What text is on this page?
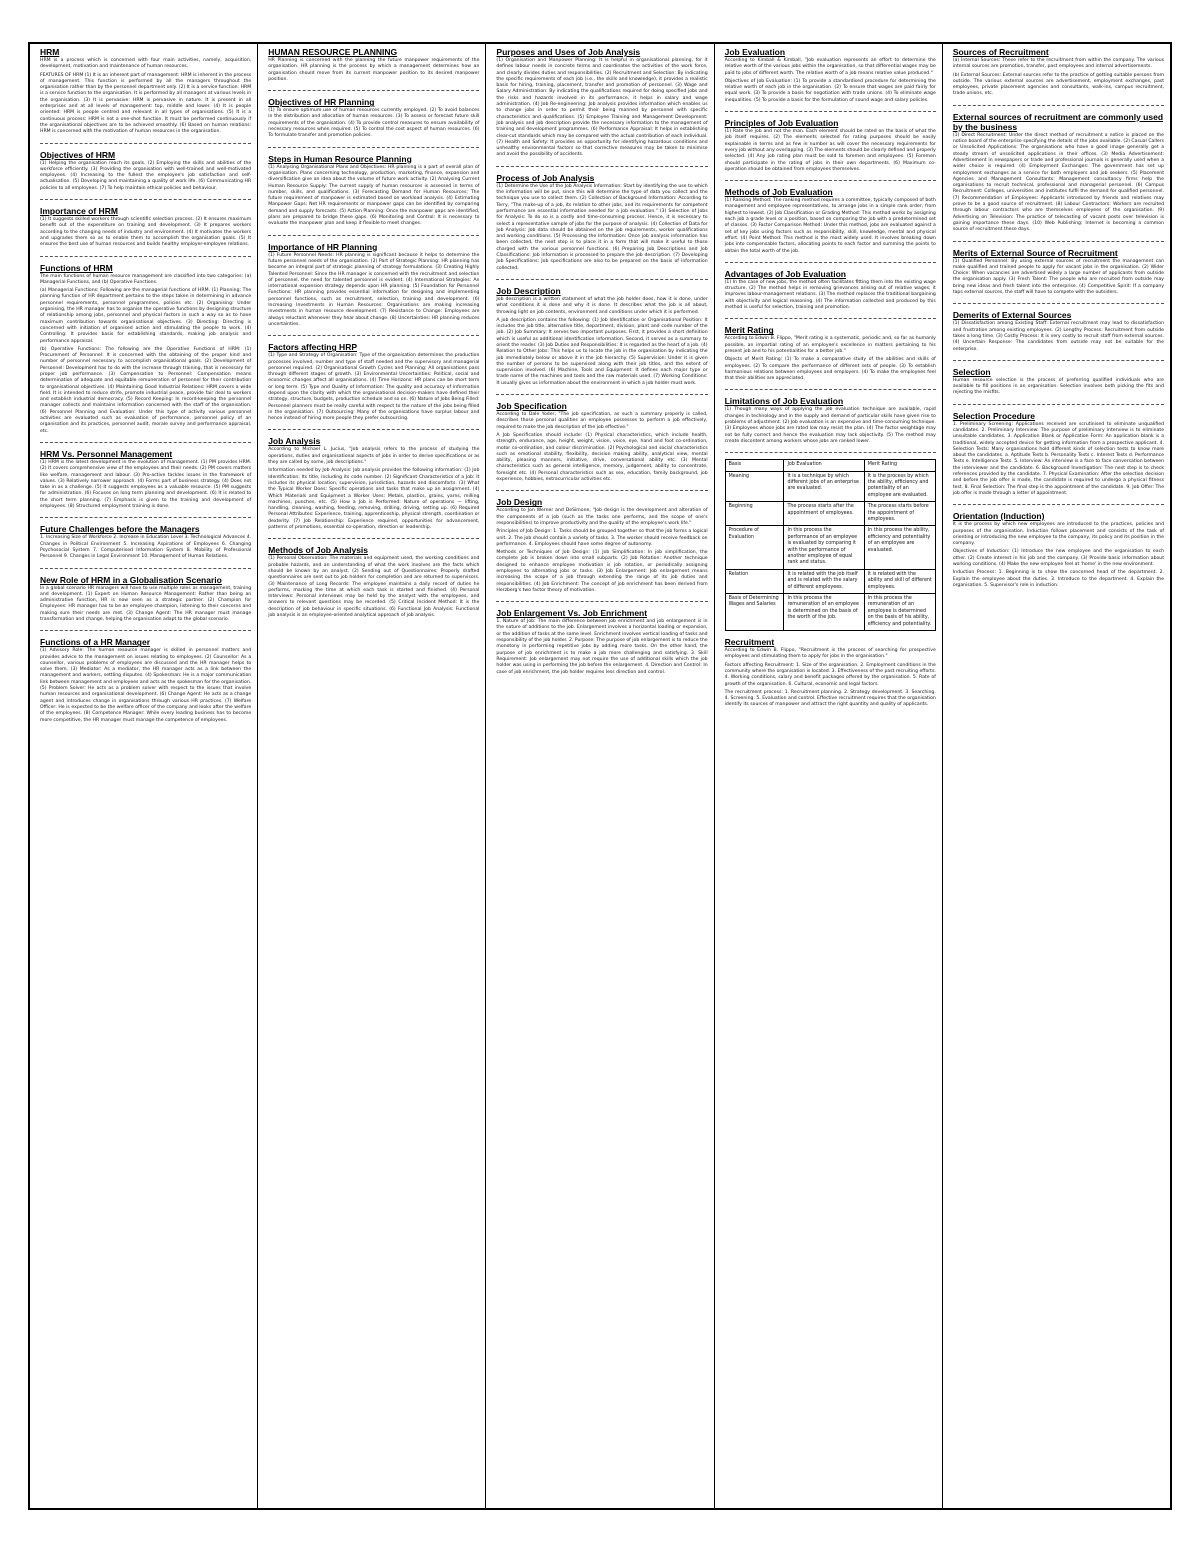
HRM

HRM is a process which is concerned with four main activities, namely, acquisition, development, motivation and maintenance of human resources.

FEATURES OF HRM (1) It is an inherent part of management: HRM is inherent in the process of management. This function is performed by all the managers throughout the organisation rather than by the personnel department only. (2) It is a service function: HRM is a service function to the organisation. It is performed by all managers at various levels in the organisation. (3) It is pervasive: HRM is pervasive in nature. It is present in all enterprises and at all levels of management: top, middle and lower. (4) It is people oriented: HRM is people centred and relevant in all types of organisations. (5) It is a continuous process: HRM is not a one-shot function. It must be performed continuously if the organisational objectives are to be achieved smoothly. (6) Based on human relations: HRM is concerned with the motivation of human resources in the organisation.

Objectives of HRM

(1) Helping the organisation reach its goals. (2) Employing the skills and abilities of the workforce efficiently. (3) Providing the organisation with well-trained and well-motivated employees. (4) Increasing to the fullest the employee's job satisfaction and self-actualisation. (5) Developing and maintaining a quality of work life. (6) Communicating HR policies to all employees. (7) To help maintain ethical policies and behaviour.

Importance of HRM

(1) It suggests skilled workers through scientific selection process. (2) It ensures maximum benefit out of the expenditure on training and development. (3) It prepares workers according to the changing needs of industry and environment. (4) It motivates the workers and upgrades them so as to enable them to accomplish the organisation goals. (5) It ensures the best use of human resources and builds healthy employer-employee relations.

Functions of HRM

The main functions of human resource management are classified into two categories: (a) Managerial Functions, and (b) Operative Functions.

(a) Managerial Functions: Following are the managerial functions of HRM. (1) Planning: The planning function of HR department pertains to the steps taken in determining in advance personnel requirements, personnel programmes, policies etc. (2) Organising: Under organising, the HR manager has to organise the operative functions by designing structure of relationship among jobs, personnel and physical factors in such a way so as to have maximum contribution towards organisational objectives. (3) Directing: Directing is concerned with initiation of organised action and stimulating the people to work. (4) Controlling: It provides basis for establishing standards, making job analysis and performance appraisal.

(b) Operative Functions: The following are the Operative Functions of HRM: (1) Procurement of Personnel: It is concerned with the obtaining of the proper kind and number of personnel necessary to accomplish organisational goals. (2) Development of Personnel: Development has to do with the increase through training, that is necessary for proper job performance. (3) Compensation to Personnel: Compensation means determination of adequate and equitable remuneration of personnel for their contribution to organisational objectives. (4) Maintaining Good Industrial Relations: HRM covers a wide field. It is intended to reduce strife, promote industrial peace, provide fair deal to workers and establish industrial democracy. (5) Record Keeping: In record-keeping the personnel manager collects and maintains information concerned with the staff of the organisation. (6) Personnel Planning and Evaluation: Under this type of activity various personnel activities are evaluated such as evaluation of performance, personnel policy of an organisation and its practices, personnel audit, morale survey and performance appraisal, etc.

HRM Vs. Personnel Management

(1) HRM is the latest development in the evolution of management. (1) PM provides HRM. (2) It covers comprehensive view of the employees and their needs. (2) PM covers matters like welfare, management and labour. (3) Pro-active tackles issues in the framework of values. (3) Relatively narrower approach. (4) Forms part of business strategy. (4) Does not take in as a challenge. (5) It suggests employees as a valuable resource. (5) PM suggests for administration. (6) Focuses on long term planning and development. (6) It is related to the short term planning. (7) Emphasis is given to the training and development of employees. (8) Structured employment training is done.

Future Challenges before the Managers

1. Increasing Size of Workforce 2. Increase in Education Level 3. Technological Advances 4. Changes in Political Environment 5. Increasing Aspirations of Employees 6. Changing Psychosocial System 7. Computerised Information System 8. Mobility of Professional Personnel 9. Changes in Legal Environment 10. Management of Human Relations.

New Role of HRM in a Globalisation Scenario

In a global scenario HR managers will have to use multiple roles as management, training and development. (1) Expert on Human Resource Management: Rather than being an administrative function, HR is now seen as a strategic partner. (2) Champion for Employees: HR manager has to be an employee champion, listening to their concerns and making sure their needs are met. (3) Change Agent: The HR manager must manage transformation and change, helping the organisation adapt to the global scenario.

Functions of a HR Manager

(1) Advisory Role: The human resource manager is skilled in personnel matters and provides advice to the management on issues relating to employees. (2) Counsellor: As a counsellor, various problems of employees are discussed and the HR manager helps to solve them. (3) Mediator: As a mediator, the HR manager acts as a link between the management and workers, settling disputes. (4) Spokesman: He is a major communication link between management and employees and acts as the spokesman for the organisation. (5) Problem Solver: He acts as a problem solver with respect to the issues that involve human resources and organisational development. (6) Change Agent: He acts as a change agent and introduces change in organisations through various HR practices. (7) Welfare Officer: He is expected to be the welfare officer of the company and looks after the welfare of the employees. (8) Competence Manager: While every leading business has to become more competitive, the HR manager must manage the competence of employees.

HUMAN RESOURCE PLANNING

HR Planning is concerned with the planning the future manpower requirements of the organisation. HR planning is the process by which a management determines how an organisation should move from its current manpower position to its desired manpower position.

Objectives of HR Planning

(1) To ensure optimum use of human resources currently employed. (2) To avoid balances in the distribution and allocation of human resources. (3) To assess or forecast future skill requirements of the organisation. (4) To provide control measures to ensure availability of necessary resources when required. (5) To control the cost aspect of human resources. (6) To formulate transfer and promotion policies.

Steps in Human Resource Planning

(1) Analysing Organisational Plans and Objectives: HR planning is a part of overall plan of organisation. Plans concerning technology, production, marketing, finance, expansion and diversification give an idea about the volume of future work activity. (2) Analysing Current Human Resource Supply: The current supply of human resources is assessed in terms of number, skills, and qualifications. (3) Forecasting Demand for Human Resources: The future requirement of manpower is estimated based on workload analysis. (4) Estimating Manpower Gaps: Net HR requirements or manpower gaps can be identified by comparing demand and supply forecasts. (5) Action Planning: Once the manpower gaps are identified, plans are prepared to bridge these gaps. (6) Monitoring and Control: It is necessary to evaluate the manpower plan and keep it flexible to meet changes.

Importance of HR Planning

(1) Future Personnel Needs: HR planning is significant because it helps to determine the future personnel needs of the organisation. (2) Part of Strategic Planning: HR planning has become an integral part of strategic planning of strategy formulations. (3) Creating Highly Talented Personnel: Since the HR manager is concerned with the recruitment and selection of personnel, the need for talented personnel is evident. (4) International Strategies: An international expansion strategy depends upon HR planning. (5) Foundation for Personnel Functions: HR planning provides essential information for designing and implementing personnel functions, such as recruitment, selection, training and development. (6) Increasing Investments in Human Resources: Organisations are making increasing investments in human resource development. (7) Resistance to Change: Employees are always reluctant whenever they hear about change. (8) Uncertainties: HR planning reduces uncertainties.

Factors affecting HRP

(1) Type and Strategy of Organisation: Type of the organisation determines the production processes involved, number and type of staff needed and the supervisory and managerial personnel required. (2) Organisational Growth Cycles and Planning: All organisations pass through different stages of growth. (3) Environmental Uncertainties: Political, social and economic changes affect all organisations. (4) Time Horizons: HR plans can be short term or long term. (5) Type and Quality of Information: The quality and accuracy of information depend upon the clarity with which the organisational decision-makers have defined their strategy, structure, budgets, production schedule and so on. (6) Nature of Jobs Being Filled: Personnel planners must be really careful with respect to the nature of the jobs being filled in the organisation. (7) Outsourcing: Many of the organisations have surplus labour and hence instead of hiring more people they prefer outsourcing.

Job Analysis

According to Michael L. Jucius, "Job analysis refers to the process of studying the operations, duties and organisational aspects of jobs in order to derive specifications or as they are called by some, job descriptions."

Information needed by Job Analysis: Job analysis provides the following information: (1) Job Identification: Its title, including its code number. (2) Significant Characteristics of a Job: It includes its physical location, supervision, jurisdiction, hazards and discomforts. (3) What the Typical Worker Does: Specific operations and tasks that make up an assignment. (4) Which Materials and Equipment a Worker Uses: Metals, plastics, grains, yarns, milling machines, punches, etc. (5) How a Job is Performed: Nature of operations — lifting, handling, cleaning, washing, feeding, removing, drilling, driving, setting up. (6) Required Personal Attributes: Experience, training, apprenticeship, physical strength, coordination or dexterity. (7) Job Relationship: Experience required, opportunities for advancement, patterns of promotions, essential co-operation, direction or leadership.

Methods of Job Analysis

(1) Personal Observation: The materials and equipment used, the working conditions and probable hazards, and an understanding of what the work involves are the facts which should be known by an analyst. (2) Sending out of Questionnaires: Properly drafted questionnaires are sent out to job holders for completion and are returned to supervisors. (3) Maintenance of Long Records: The employee maintains a daily record of duties he performs, marking the time at which each task is started and finished. (4) Personal Interviews: Personal interviews may be held by the analyst with the employees, and answers to relevant questions may be recorded. (5) Critical Incident Method: It is the description of job behaviour in specific situations. (6) Functional Job Analysis: Functional job analysis is an employee-oriented analytical approach of job analysis.

Purposes and Uses of Job Analysis

(1) Organisation and Manpower Planning: It is helpful in organisational planning, for it defines labour needs in concrete terms and coordinates the activities of the work force, and clearly divides duties and responsibilities. (2) Recruitment and Selection: By indicating the specific requirements of each job (i.e., the skills and knowledge), it provides a realistic basis for hiring, training, placement, transfer and promotion of personnel. (3) Wage and Salary Administration: By indicating the qualifications required for doing specified jobs and the risks and hazards involved in its performance, it helps in salary and wage administration. (4) Job Re-engineering: Job analysis provides information which enables us to change jobs in order to permit their being manned by personnel with specific characteristics and qualifications. (5) Employee Training and Management Development: Job analysis and job description provide the necessary information to the management of training and development programmes. (6) Performance Appraisal: It helps in establishing clear-cut standards which may be compared with the actual contribution of each individual. (7) Health and Safety: It provides an opportunity for identifying hazardous conditions and unhealthy environmental factors so that corrective measures may be taken to minimise and avoid the possibility of accidents.

Process of Job Analysis

(1) Determine the Use of the Job Analysis Information: Start by identifying the use to which the information will be put, since this will determine the type of data you collect and the technique you use to collect them. (2) Collection of Background Information: According to Terry, "The make-up of a job, its relation to other jobs, and its requirements for competent performance are essential information needed for a job evaluation." (3) Selection of Jobs for Analysis: To do so is a costly and time-consuming process. Hence, it is necessary to select a representative sample of jobs for the purpose of analysis. (4) Collection of Data for Job Analysis: Job data should be obtained on the job requirements, worker qualifications and working conditions. (5) Processing the Information: Once job analysis information has been collected, the next step is to place it in a form that will make it useful to those charged with the various personnel functions. (6) Preparing Job Descriptions and Job Classifications: Job information is processed to prepare the job description. (7) Developing Job Specifications: Job specifications are also to be prepared on the basis of information collected.

Job Description

Job description is a written statement of what the job holder does, how it is done, under what conditions it is done and why it is done. It describes what the job is all about, throwing light on job contents, environment and conditions under which it is performed.

A job description contains the following: (1) Job Identification or Organisational Position: It includes the job title, alternative title, department, division, plant and code number of the job. (2) Job Summary: It serves two important purposes. First, it provides a short definition which is useful as additional identification information. Second, it serves as a summary to orient the reader. (3) Job Duties and Responsibilities: It is regarded as the heart of a job. (4) Relation to Other Jobs: This helps us to locate the job in the organisation by indicating the job immediately below or above it in the job hierarchy. (5) Supervision: Under it is given the number of persons to be supervised along with their job titles, and the extent of supervision involved. (6) Machine, Tools and Equipment: It defines each major type or trade name of the machines and tools and the raw materials used. (7) Working Conditions: It usually gives us information about the environment in which a job holder must work.

Job Specification

According to Dale Yoder, "The job specification, as such a summary properly is called, describes those personal qualities an employee possesses to perform a job effectively, required to make the job description of the job effective."

A Job Specification should include: (1) Physical characteristics, which include health, strength, endurance, age, height, weight, vision, voice, eye, hand and foot co-ordination, motor co-ordination, and colour discrimination. (2) Psychological and social characteristics such as emotional stability, flexibility, decision making ability, analytical view, mental ability, pleasing manners, initiative, drive, conversational ability etc. (3) Mental characteristics such as general intelligence, memory, judgement, ability to concentrate, foresight etc. (4) Personal characteristics such as sex, education, family background, job experience, hobbies, extracurricular activities etc.

Job Design

According to Jon Werner and DeSimone, "Job design is the development and alteration of the components of a job (such as the tasks one performs, and the scope of one's responsibilities) to improve productivity and the quality of the employee's work life."

Principles of Job Design: 1. Tasks should be grouped together so that the job forms a logical unit. 2. The job should contain a variety of tasks. 3. The worker should receive feedback on performance. 4. Employees should have some degree of autonomy.

Methods or Techniques of Job Design: (1) Job Simplification: In job simplification, the complete job is broken down into small subparts. (2) Job Rotation: Another technique designed to enhance employee motivation is job rotation, or periodically assigning employees to alternating jobs or tasks. (3) Job Enlargement: Job enlargement means increasing the scope of a job through extending the range of its job duties and responsibilities. (4) Job Enrichment: The concept of job enrichment has been derived from Herzberg's two factor theory of motivation.

Job Enlargement Vs. Job Enrichment

1. Nature of Job: The main difference between job enrichment and job enlargement is in the nature of additions to the job. Enlargement involves a horizontal loading or expansion, or the addition of tasks at the same level. Enrichment involves vertical loading of tasks and responsibility of the job holder. 2. Purpose: The purpose of job enlargement is to reduce the monotony in performing repetitive jobs by adding more tasks. On the other hand, the purpose of job enrichment is to make a job more challenging and satisfying. 3. Skill Requirement: Job enlargement may not require the use of additional skills which the job holder was using in performing the job before the enlargement. 4. Direction and Control: In case of job enrichment, the job holder requires less direction and control.

Job Evaluation

According to Kimball & Kimball, "Job evaluation represents an effort to determine the relative worth of the various jobs within the organisation, so that differential wages may be paid to jobs of different worth. The relative worth of a job means relative value produced."

Objectives of Job Evaluation: (1) To provide a standardised procedure for determining the relative worth of each job in the organisation. (2) To ensure that wages are paid fairly for equal work. (3) To provide a basis for negotiation with trade unions. (4) To eliminate wage inequalities. (5) To provide a basis for the formulation of sound wage and salary policies.

Principles of Job Evaluation

(1) Rate the job and not the man. Each element should be rated on the basis of what the job itself requires. (2) The elements selected for rating purposes should be easily explainable in terms and as few in number as will cover the necessary requirements for every job without any overlapping. (3) The elements should be clearly defined and properly selected. (4) Any job rating plan must be sold to foremen and employees. (5) Foremen should participate in the rating of jobs in their own departments. (6) Maximum co-operation should be obtained from employees themselves.

Methods of Job Evaluation

(1) Ranking Method: The ranking method requires a committee, typically composed of both management and employee representatives, to arrange jobs in a simple rank order, from highest to lowest. (2) Job Classification or Grading Method: This method works by assigning each job a grade level or a position, based on comparing the job with a predetermined set of classes. (3) Factor Comparison Method: Under this method, jobs are evaluated against a set of key jobs using factors such as responsibility, skill, knowledge, mental and physical effort. (4) Point Method: This method is the most widely used. It involves breaking down jobs into compensable factors, allocating points to each factor and summing the points to obtain the total worth of the job.

Advantages of Job Evaluation

(1) In the case of new jobs, the method often facilitates fitting them into the existing wage structure. (2) The method helps in removing grievances arising out of relative wages; it improves labour-management relations. (3) The method replaces the traditional bargaining with objectivity and logical reasoning. (4) The information collected and produced by this method is useful for selection, training and promotion.

Merit Rating

According to Edwin B. Flippo, "Merit rating is a systematic, periodic and, so far as humanly possible, an impartial rating of an employee's excellence in matters pertaining to his present job and to his potentialities for a better job."

Objects of Merit Rating: (1) To make a comparative study of the abilities and skills of employees. (2) To compare the performance of different sets of people. (3) To establish harmonious relations between employees and employers. (4) To make the employees feel that their abilities are appreciated.

Limitations of Job Evaluation

(1) Though many ways of applying the job evaluation technique are available, rapid changes in technology and in the supply and demand of particular skills have given rise to problems of adjustment. (2) Job evaluation is an expensive and time-consuming technique. (3) Employees whose jobs are rated low may resist the plan. (4) The factor weightage may not be fully correct and hence the evaluation may lack objectivity. (5) The method may create discontent among workers whose jobs are ranked lower.

Basis	Job Evaluation	Merit Rating
Meaning	It is a technique by which different jobs of an enterprise are evaluated.	It is the process by which the ability, efficiency and potentiality of an employee are evaluated.
Beginning	The process starts after the appointment of employees.	The process starts before the appointment of employees.
Procedure of Evaluation	In this process the performance of an employee is evaluated by comparing it with the performance of another employee of equal rank and status.	In this process the ability, efficiency and potentiality of an employee are evaluated.
Relation	It is related with the job itself and is related with the salary of different employees.	It is related with the ability and skill of different employees.
Basis of Determining Wages and Salaries	In this process the remuneration of an employee is determined on the basis of the worth of the job.	In this process the remuneration of an employee is determined on the basis of his ability, efficiency and potentiality.
Recruitment

According to Edwin B. Flippo, "Recruitment is the process of searching for prospective employees and stimulating them to apply for jobs in the organisation."

Factors affecting Recruitment: 1. Size of the organisation. 2. Employment conditions in the community where the organisation is located. 3. Effectiveness of the past recruiting efforts. 4. Working conditions, salary and benefit packages offered by the organisation. 5. Rate of growth of the organisation. 6. Cultural, economic and legal factors.

The recruitment process: 1. Recruitment planning. 2. Strategy development. 3. Searching. 4. Screening. 5. Evaluation and control. Effective recruitment requires that the organisation identify its sources of manpower and attract the right quantity and quality of applicants.

Sources of Recruitment

(a) Internal Sources: These refer to the recruitment from within the company. The various internal sources are promotion, transfer, past employees and internal advertisements.

(b) External Sources: External sources refer to the practice of getting suitable persons from outside. The various external sources are advertisement, employment exchanges, past employees, private placement agencies and consultants, walk-ins, campus recruitment, trade unions, etc.

External sources of recruitment are commonly used by the business

(1) Direct Recruitment: Under the direct method of recruitment a notice is placed on the notice board of the enterprise specifying the details of the jobs available. (2) Casual Callers or Unsolicited Applications: The organisations who have a good image generally get a steady stream of unsolicited applications in their offices. (3) Media Advertisement: Advertisement in newspapers or trade and professional journals is generally used when a wider choice is required. (4) Employment Exchanges: The government has set up employment exchanges as a service for both employers and job seekers. (5) Placement Agencies and Management Consultants: Management consultancy firms help the organisations to recruit technical, professional and managerial personnel. (6) Campus Recruitment: Colleges, universities and institutes fulfil the demand for qualified personnel. (7) Recommendation of Employees: Applicants introduced by friends and relatives may prove to be a good source of recruitment. (8) Labour Contractors: Workers are recruited through labour contractors who are themselves employees of the organisation. (9) Advertising on Television: The practice of telecasting of vacant posts over television is gaining importance these days. (10) Web Publishing: Internet is becoming a common source of recruitment these days.

Merits of External Source of Recruitment

(1) Qualified Personnel: By using external sources of recruitment the management can make qualified and trained people to apply for vacant jobs in the organisation. (2) Wider Choice: When vacancies are advertised widely a large number of applicants from outside the organisation apply. (3) Fresh Talent: The people who are recruited from outside may bring new ideas and fresh talent into the enterprise. (4) Competitive Spirit: If a company taps external sources, the staff will have to compete with the outsiders.

Demerits of External Sources

(1) Dissatisfaction among Existing Staff: External recruitment may lead to dissatisfaction and frustration among existing employees. (2) Lengthy Process: Recruitment from outside takes a long time. (3) Costly Process: It is very costly to recruit staff from external sources. (4) Uncertain Response: The candidates from outside may not be suitable for the enterprise.

Selection

Human resource selection is the process of preferring qualified individuals who are available to fill positions in an organisation. Selection involves both picking the fits and rejecting the misfits.

Selection Procedure

1. Preliminary Screening: Applications received are scrutinised to eliminate unqualified candidates. 2. Preliminary Interview: The purpose of preliminary interview is to eliminate unsuitable candidates. 3. Application Blank or Application Form: An application blank is a traditional, widely accepted device for getting information from a prospective applicant. 4. Selection Tests: Many organisations hold different kinds of selection tests to know more about the candidates. a. Aptitude Tests b. Personality Tests c. Interest Tests d. Performance Tests e. Intelligence Tests. 5. Interview: An interview is a face to face conversation between the interviewer and the candidate. 6. Background Investigation: The next step is to check references provided by the candidate. 7. Physical Examination: After the selection decision and before the job offer is made, the candidate is required to undergo a physical fitness test. 8. Final Selection: The final step is the appointment of the candidate. 9. Job Offer: The job offer is made through a letter of appointment.

Orientation (Induction)

It is the process by which new employees are introduced to the practices, policies and purposes of the organisation. Induction follows placement and consists of the task of orienting or introducing the new employee to the company, its policy and its position in the company.

Objectives of Induction: (1) Introduce the new employee and the organisation to each other. (2) Create interest in his job and the company. (3) Provide basic information about working conditions. (4) Make the new employee feel at 'home' in the new environment.

Induction Process: 1. Beginning is to show the concerned head of the department. 2. Explain the employee about the duties. 3. Introduce to the department. 4. Explain the organisation. 5. Supervisor's role in induction.
